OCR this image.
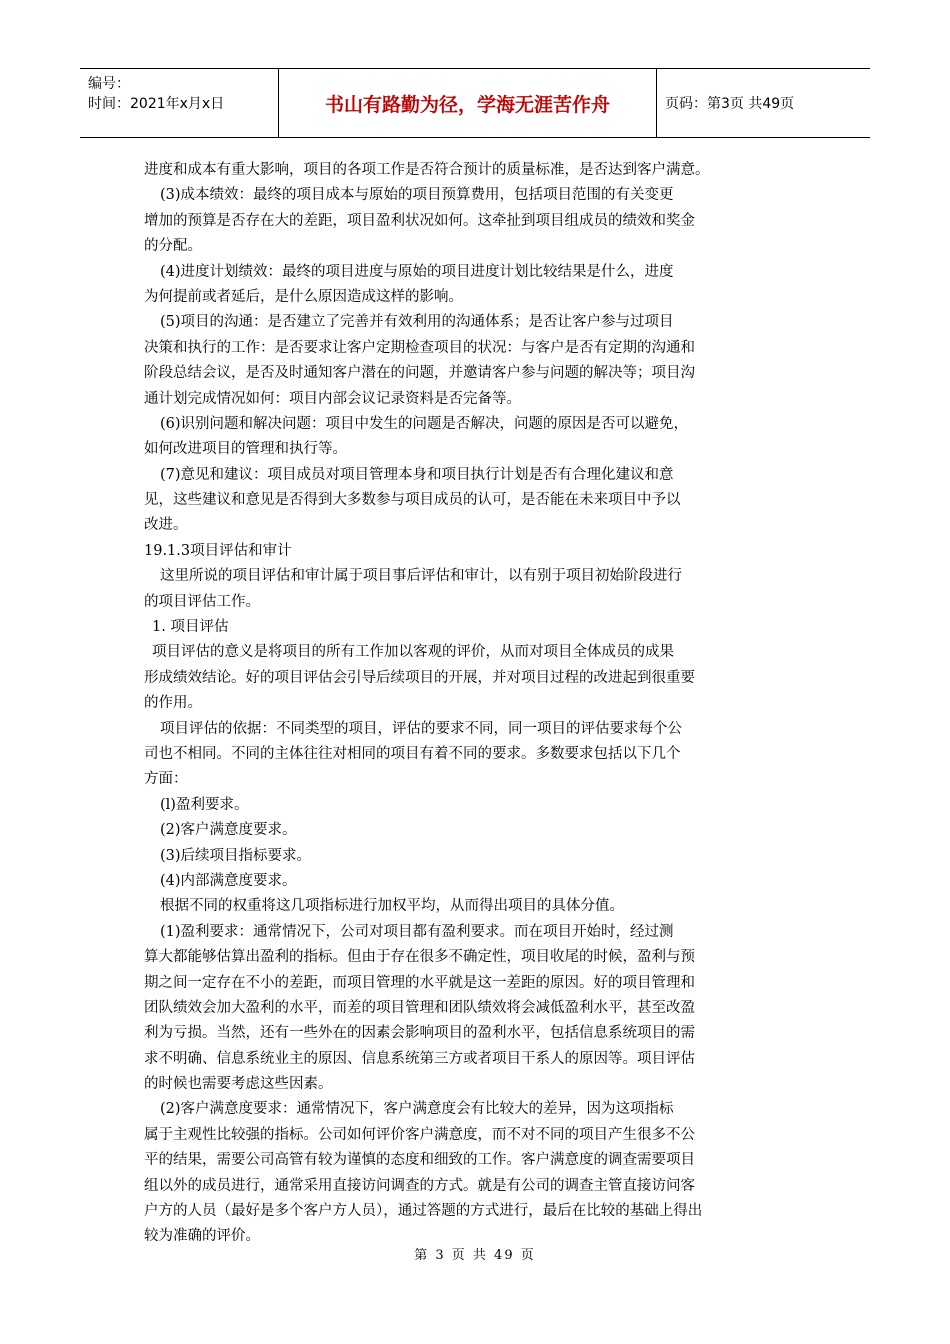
编号：
时间：2021年x月x日	书山有路勤为径，学海无涯苦作舟	页码：第3页 共49页
进度和成本有重大影响，项目的各项工作是否符合预计的质量标准，是否达到客户满意。
(3)成本绩效：最终的项目成本与原始的项目预算费用，包括项目范围的有关变更
增加的预算是否存在大的差距，项目盈利状况如何。这牵扯到项目组成员的绩效和奖金
的分配。
(4)进度计划绩效：最终的项目进度与原始的项目进度计划比较结果是什么，进度
为何提前或者延后，是什么原因造成这样的影响。
(5)项目的沟通：是否建立了完善并有效利用的沟通体系；是否让客户参与过项目
决策和执行的工作：是否要求让客户定期检查项目的状况：与客户是否有定期的沟通和
阶段总结会议，是否及时通知客户潜在的问题，并邀请客户参与问题的解决等；项目沟
通计划完成情况如何：项目内部会议记录资料是否完备等。
(6)识别问题和解决问题：项目中发生的问题是否解决，问题的原因是否可以避免，
如何改进项目的管理和执行等。
(7)意见和建议：项目成员对项目管理本身和项目执行计划是否有合理化建议和意
见，这些建议和意见是否得到大多数参与项目成员的认可，是否能在未来项目中予以
改进。
19.1.3项目评估和审计
这里所说的项目评估和审计属于项目事后评估和审计，以有别于项目初始阶段进行
的项目评估工作。
1. 项目评估
项目评估的意义是将项目的所有工作加以客观的评价，从而对项目全体成员的成果
形成绩效结论。好的项目评估会引导后续项目的开展，并对项目过程的改进起到很重要
的作用。
项目评估的依据：不同类型的项目，评估的要求不同，同一项目的评估要求每个公
司也不相同。不同的主体往往对相同的项目有着不同的要求。多数要求包括以下几个
方面：
(l)盈利要求。
(2)客户满意度要求。
(3)后续项目指标要求。
(4)内部满意度要求。
根据不同的权重将这几项指标进行加权平均，从而得出项目的具体分值。
(1)盈利要求：通常情况下，公司对项目都有盈利要求。而在项目开始时，经过测
算大都能够估算出盈利的指标。但由于存在很多不确定性，项目收尾的时候，盈利与预
期之间一定存在不小的差距，而项目管理的水平就是这一差距的原因。好的项目管理和
团队绩效会加大盈利的水平，而差的项目管理和团队绩效将会减低盈利水平，甚至改盈
利为亏损。当然，还有一些外在的因素会影响项目的盈利水平，包括信息系统项目的需
求不明确、信息系统业主的原因、信息系统第三方或者项目干系人的原因等。项目评估
的时候也需要考虑这些因素。
(2)客户满意度要求：通常情况下，客户满意度会有比较大的差异，因为这项指标
属于主观性比较强的指标。公司如何评价客户满意度，而不对不同的项目产生很多不公
平的结果，需要公司高管有较为谨慎的态度和细致的工作。客户满意度的调查需要项目
组以外的成员进行，通常采用直接访问调查的方式。就是有公司的调查主管直接访问客
户方的人员（最好是多个客户方人员），通过答题的方式进行，最后在比较的基础上得出
较为准确的评价。
第 3 页 共 49 页
